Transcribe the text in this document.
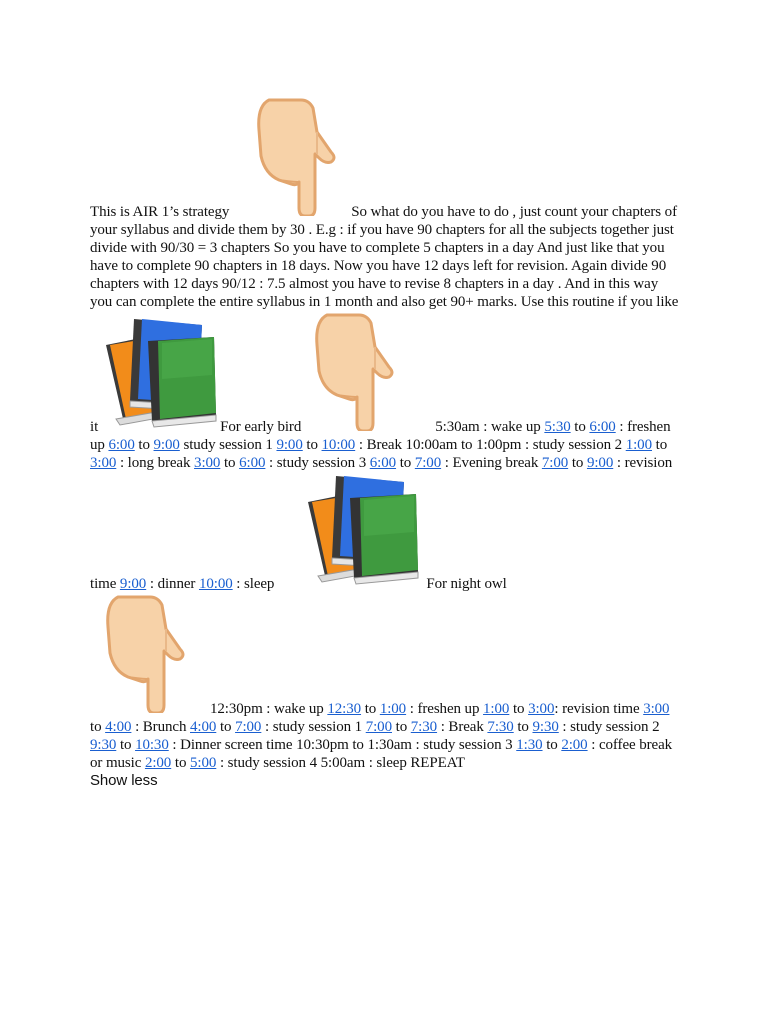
This is AIR 1’s strategy	So what do you have to do , just count your chapters of your syllabus and divide them by 30 . E.g : if you have 90 chapters for all the subjects together just divide with 90/30 = 3 chapters So you have to complete 5 chapters in a day And just like that you have to complete 90 chapters in 18 days. Now you have 12 days left for revision. Again divide 90 chapters with 12 days 90/12 : 7.5 almost you have to revise 8 chapters in a day . And in this way you can complete the entire syllabus in 1 month and also get 90+ marks. Use this routine if you like it	For early bird	5:30am : wake up 5:30 to 6:00 : freshen up 6:00 to 9:00 study session 1 9:00 to 10:00 : Break 10:00am to 1:00pm : study session 2 1:00 to 3:00 : long break 3:00 to 6:00 : study session 3 6:00 to 7:00 : Evening break 7:00 to 9:00 : revision time 9:00 : dinner 10:00 : sleep	For night owl
12:30pm : wake up 12:30 to 1:00 : freshen up 1:00 to 3:00: revision time 3:00 to 4:00 : Brunch 4:00 to 7:00 : study session 1 7:00 to 7:30 : Break 7:30 to 9:30 : study session 2 9:30 to 10:30 : Dinner screen time 10:30pm to 1:30am : study session 3 1:30 to 2:00 : coffee break or music 2:00 to 5:00 : study session 4 5:00am : sleep REPEAT
Show less
